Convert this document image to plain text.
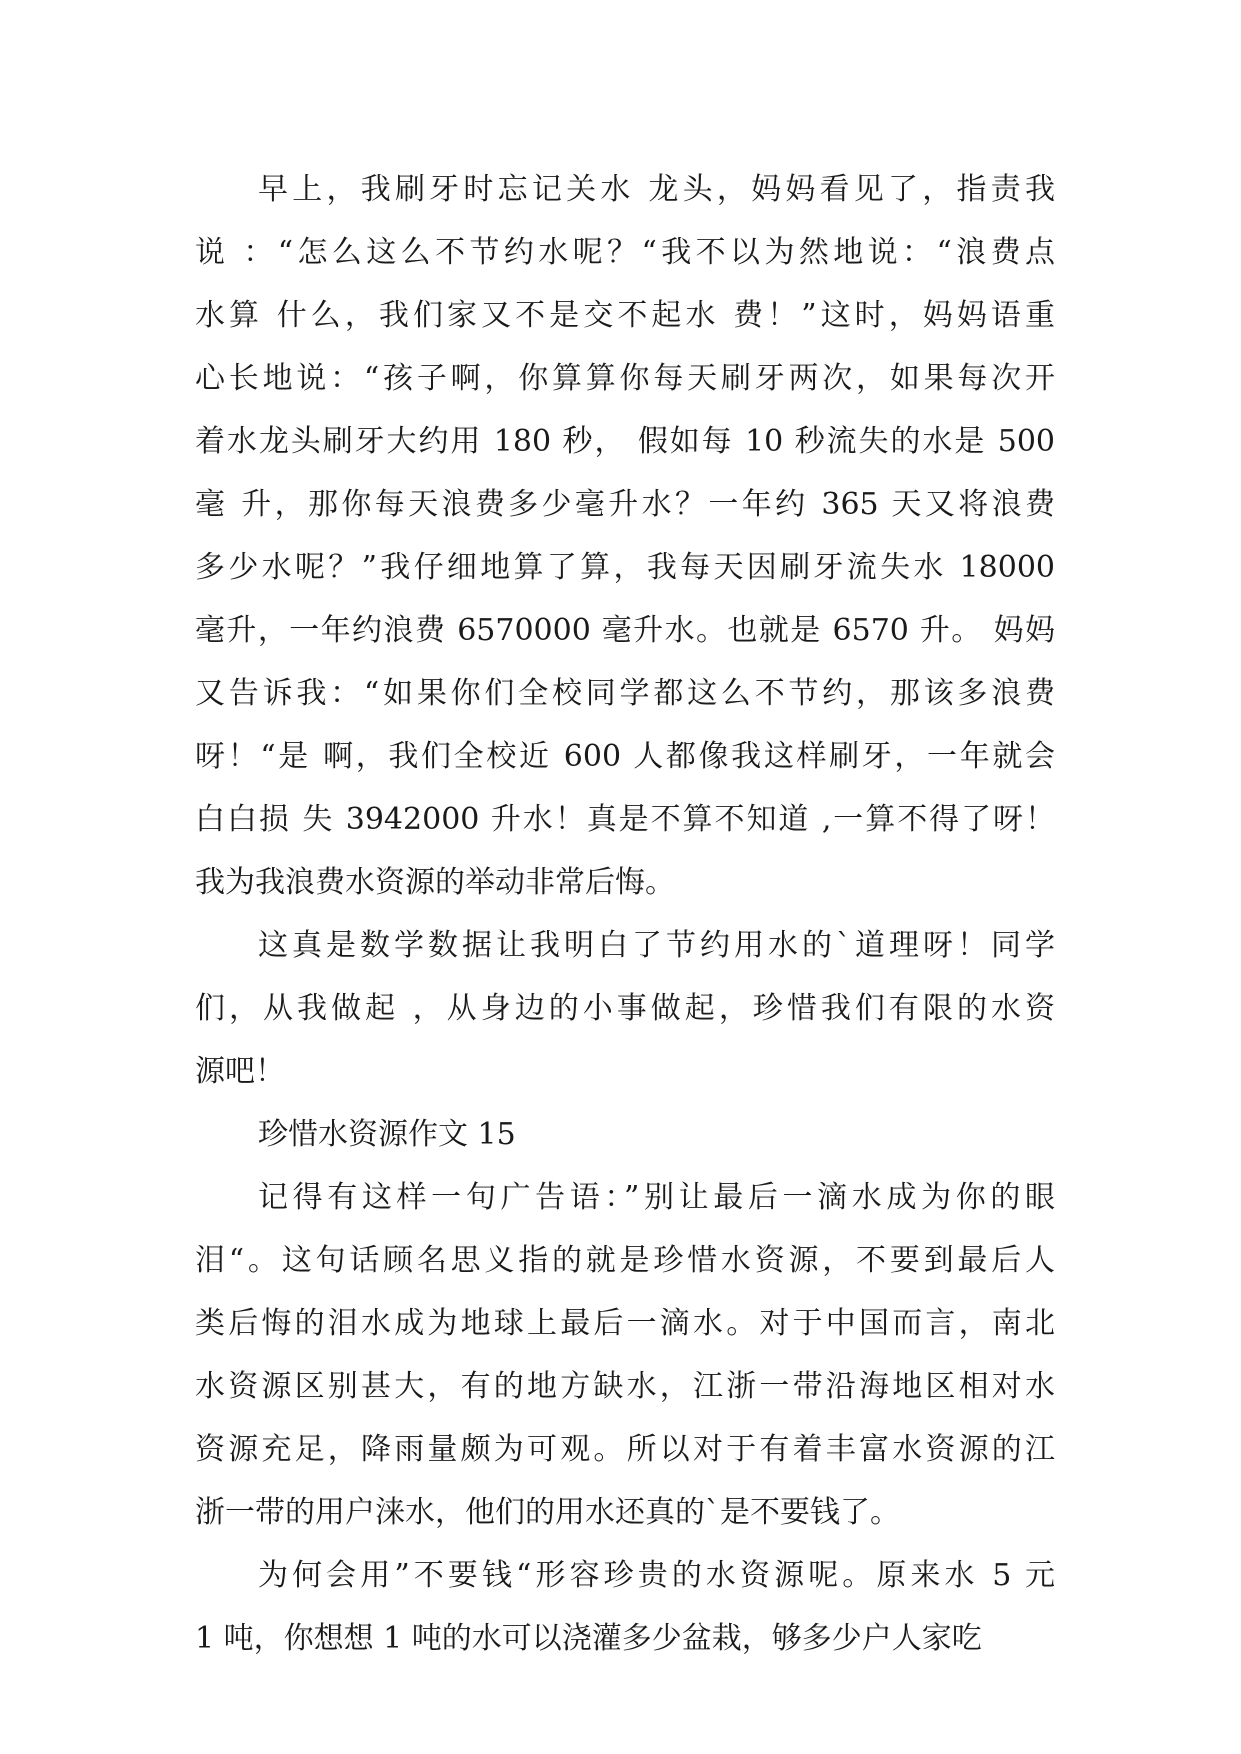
早上，我刷牙时忘记关水 龙头，妈妈看见了，指责我
说 ：“怎么这么不节约水呢？“我不以为然地说：“浪费点
水算 什么，我们家又不是交不起水 费！”这时，妈妈语重
心长地说：“孩子啊，你算算你每天刷牙两次，如果每次开
着水龙头刷牙大约用 180 秒， 假如每 10 秒流失的水是 500
毫 升，那你每天浪费多少毫升水？一年约 365 天又将浪费
多少水呢？”我仔细地算了算，我每天因刷牙流失水 18000
毫升，一年约浪费 6570000 毫升水。也就是 6570 升。 妈妈
又告诉我：“如果你们全校同学都这么不节约，那该多浪费
呀！“是 啊，我们全校近 600 人都像我这样刷牙，一年就会
白白损 失 3942000 升水！真是不算不知道 ,一算不得了呀！
我为我浪费水资源的举动非常后悔。
这真是数学数据让我明白了节约用水的`道理呀！同学
们，从我做起 ，从身边的小事做起，珍惜我们有限的水资
源吧！
珍惜水资源作文 15
记得有这样一句广告语：”别让最后一滴水成为你的眼
泪“。这句话顾名思义指的就是珍惜水资源，不要到最后人
类后悔的泪水成为地球上最后一滴水。对于中国而言，南北
水资源区别甚大，有的地方缺水，江浙一带沿海地区相对水
资源充足，降雨量颇为可观。所以对于有着丰富水资源的江
浙一带的用户涞水，他们的用水还真的`是不要钱了。
为何会用”不要钱“形容珍贵的水资源呢。原来水 5 元
1 吨，你想想 1 吨的水可以浇灌多少盆栽，够多少户人家吃
